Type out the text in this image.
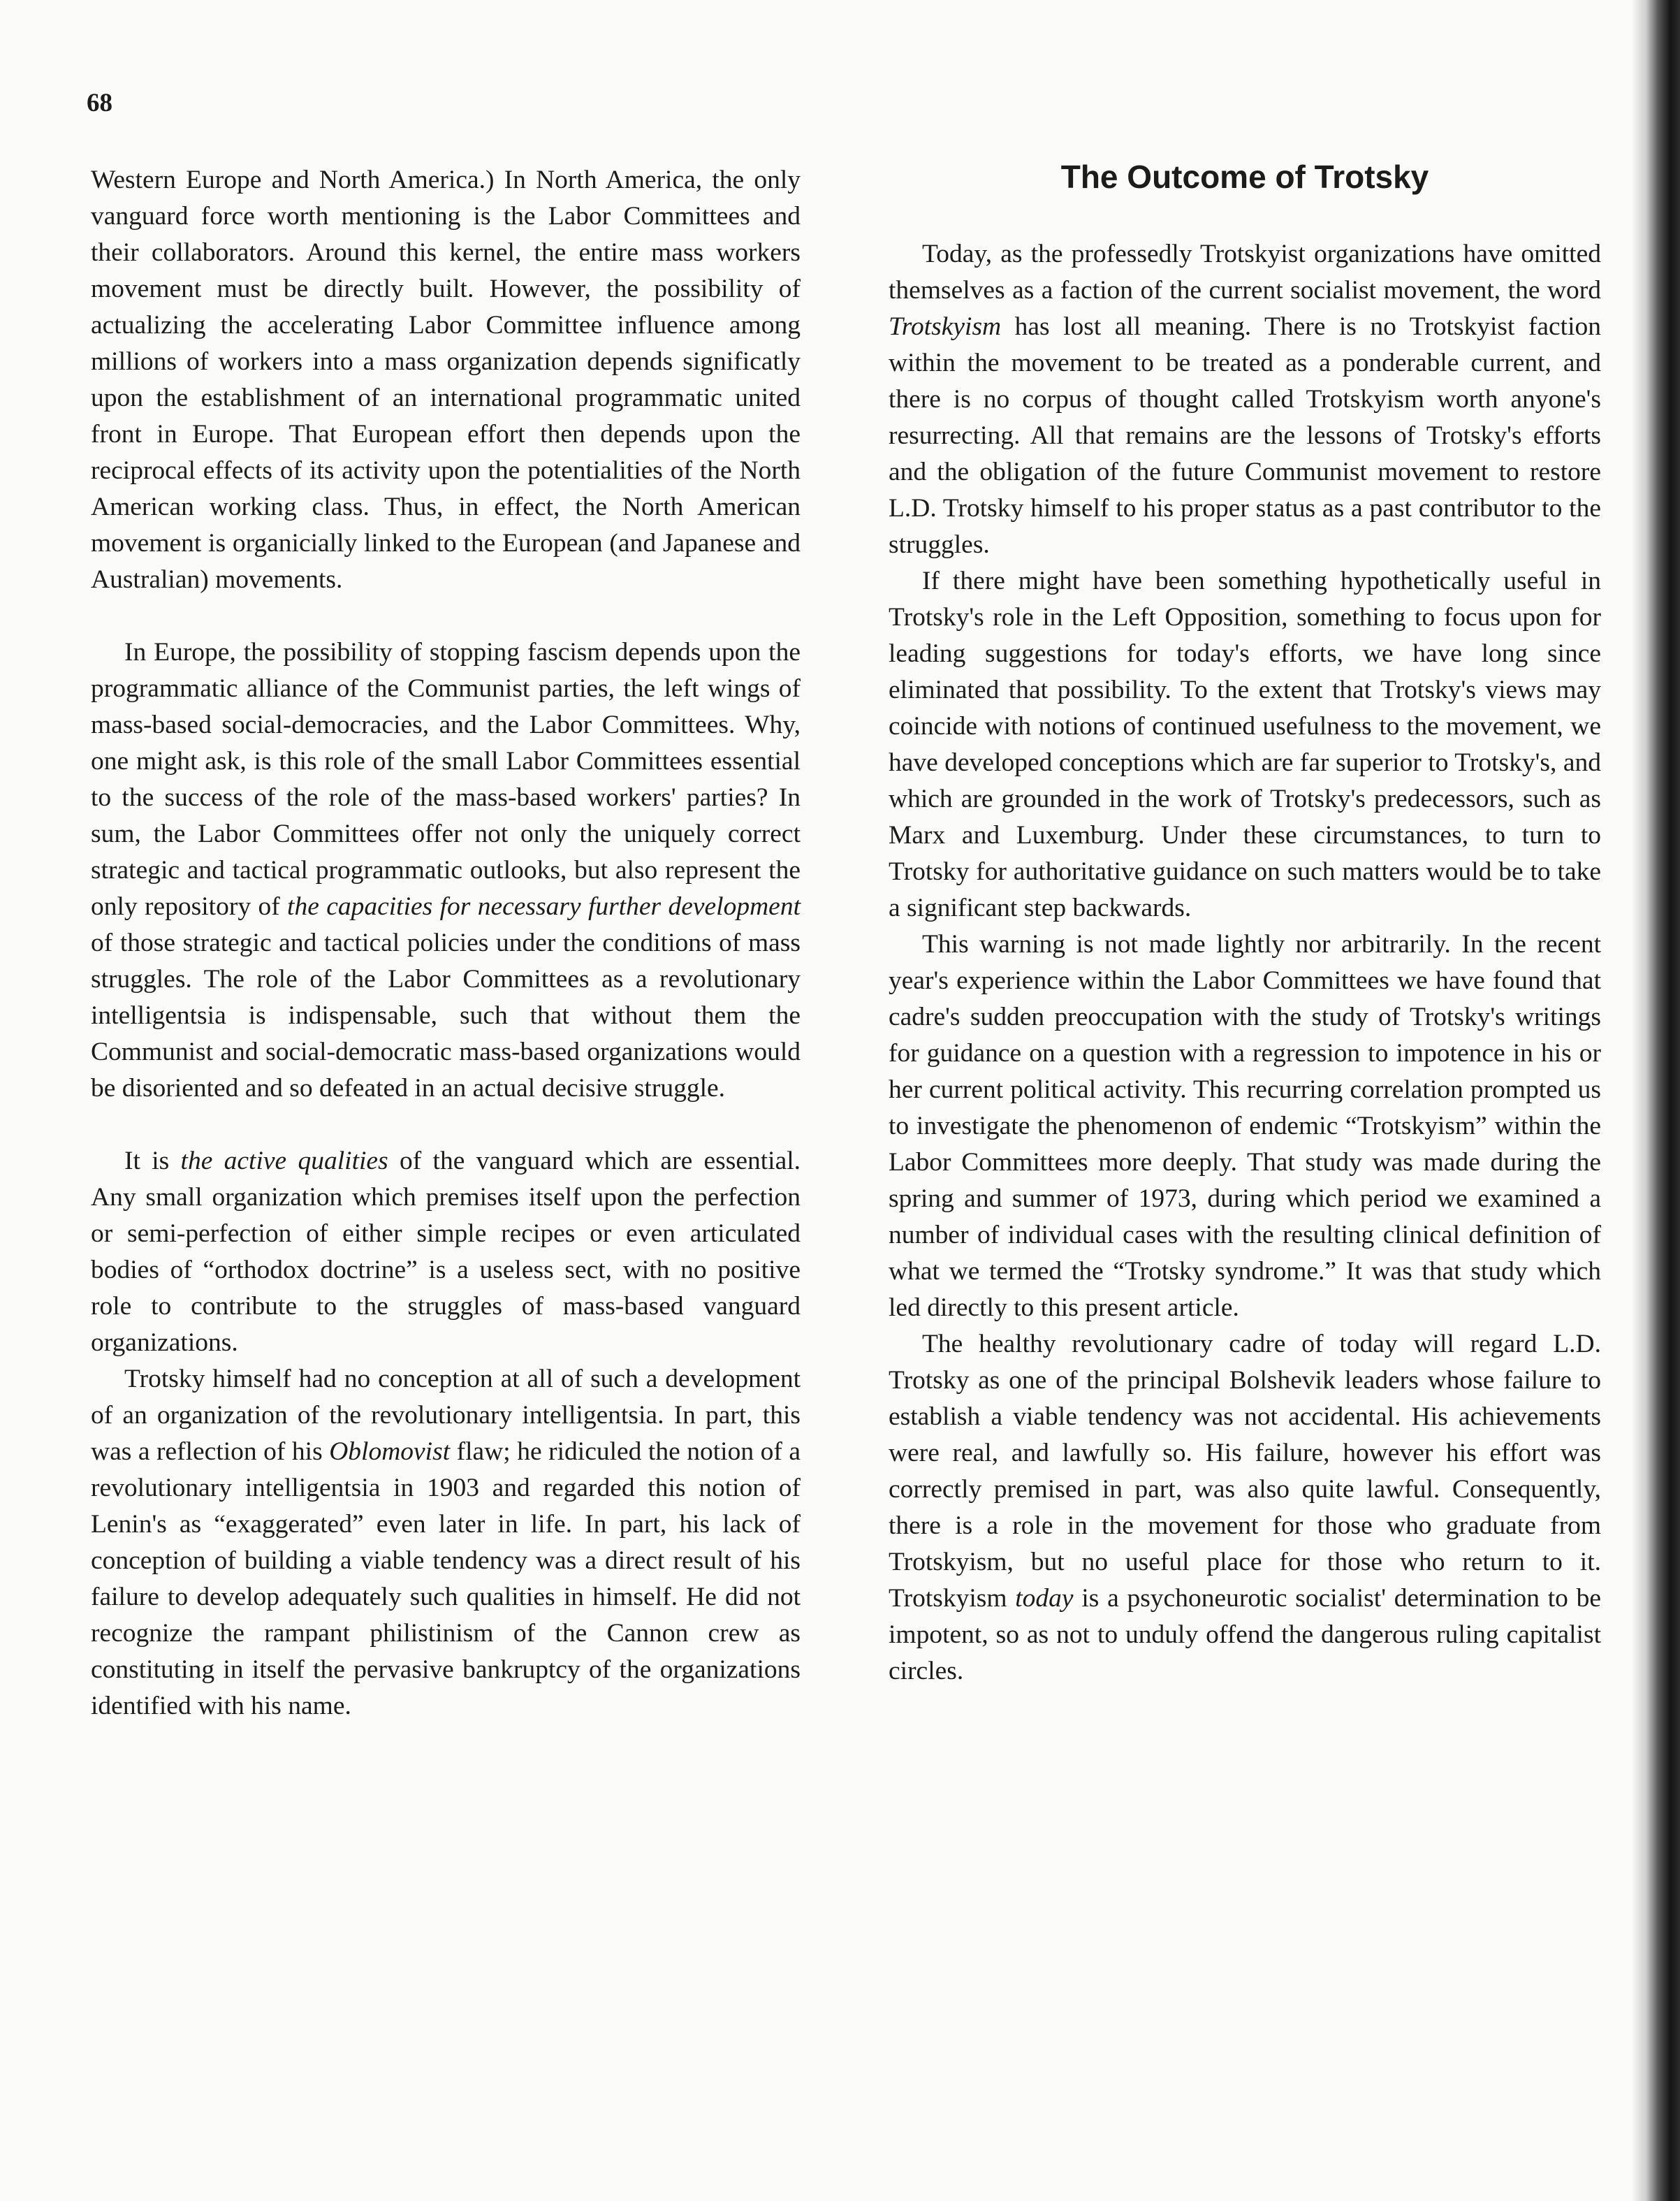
68

Western Europe and North America.) In North America, the only vanguard force worth mentioning is the Labor Committees and their collaborators. Around this kernel, the entire mass workers movement must be directly built. However, the possibility of actualizing the accelerating Labor Committee influence among millions of workers into a mass organization depends significatly upon the establishment of an international programmatic united front in Europe. That European effort then depends upon the reciprocal effects of its activity upon the potentialities of the North American working class. Thus, in effect, the North American movement is organicially linked to the European (and Japanese and Australian) movements.

In Europe, the possibility of stopping fascism depends upon the programmatic alliance of the Communist parties, the left wings of mass-based social-democracies, and the Labor Committees. Why, one might ask, is this role of the small Labor Committees essential to the success of the role of the mass-based workers' parties? In sum, the Labor Committees offer not only the uniquely correct strategic and tactical programmatic outlooks, but also represent the only repository of the capacities for necessary further development of those strategic and tactical policies under the conditions of mass struggles. The role of the Labor Committees as a revolutionary intelligentsia is indispensable, such that without them the Communist and social-democratic mass-based organizations would be disoriented and so defeated in an actual decisive struggle.

It is the active qualities of the vanguard which are essential. Any small organization which premises itself upon the perfection or semi-perfection of either simple recipes or even articulated bodies of “orthodox doctrine” is a useless sect, with no positive role to contribute to the struggles of mass-based vanguard organizations.

Trotsky himself had no conception at all of such a development of an organization of the revolutionary intelligentsia. In part, this was a reflection of his Oblomovist flaw; he ridiculed the notion of a revolutionary intelligentsia in 1903 and regarded this notion of Lenin's as “exaggerated” even later in life. In part, his lack of conception of building a viable tendency was a direct result of his failure to develop adequately such qualities in himself. He did not recognize the rampant philistinism of the Cannon crew as constituting in itself the pervasive bankruptcy of the organizations identified with his name.

The Outcome of Trotsky

Today, as the professedly Trotskyist organizations have omitted themselves as a faction of the current socialist movement, the word Trotskyism has lost all meaning. There is no Trotskyist faction within the movement to be treated as a ponderable current, and there is no corpus of thought called Trotskyism worth anyone's resurrecting. All that remains are the lessons of Trotsky's efforts and the obligation of the future Communist movement to restore L.D. Trotsky himself to his proper status as a past contributor to the struggles.

If there might have been something hypothetically useful in Trotsky's role in the Left Opposition, something to focus upon for leading suggestions for today's efforts, we have long since eliminated that possibility. To the extent that Trotsky's views may coincide with notions of continued usefulness to the movement, we have developed conceptions which are far superior to Trotsky's, and which are grounded in the work of Trotsky's predecessors, such as Marx and Luxemburg. Under these circumstances, to turn to Trotsky for authoritative guidance on such matters would be to take a significant step backwards.

This warning is not made lightly nor arbitrarily. In the recent year's experience within the Labor Committees we have found that cadre's sudden preoccupation with the study of Trotsky's writings for guidance on a question with a regression to impotence in his or her current political activity. This recurring correlation prompted us to investigate the phenomenon of endemic “Trotskyism” within the Labor Committees more deeply. That study was made during the spring and summer of 1973, during which period we examined a number of individual cases with the resulting clinical definition of what we termed the “Trotsky syndrome.” It was that study which led directly to this present article.

The healthy revolutionary cadre of today will regard L.D. Trotsky as one of the principal Bolshevik leaders whose failure to establish a viable tendency was not accidental. His achievements were real, and lawfully so. His failure, however his effort was correctly premised in part, was also quite lawful. Consequently, there is a role in the movement for those who graduate from Trotskyism, but no useful place for those who return to it. Trotskyism today is a psychoneurotic socialist' determination to be impotent, so as not to unduly offend the dangerous ruling capitalist circles.
